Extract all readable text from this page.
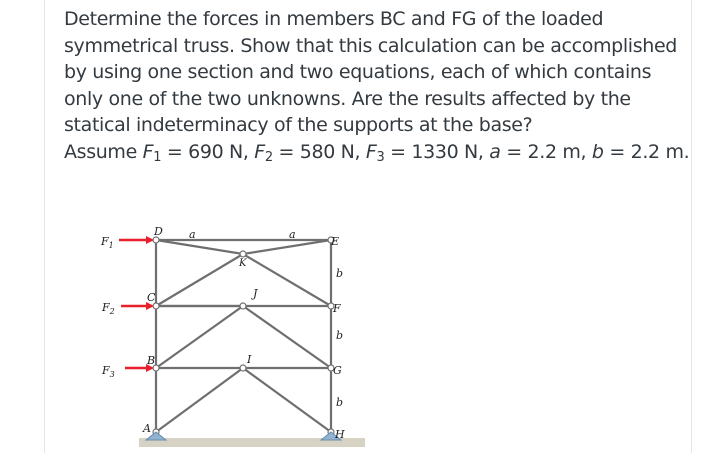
Determine the forces in members BC and FG of the loaded
symmetrical truss. Show that this calculation can be accomplished
by using one section and two equations, each of which contains
only one of the two unknowns. Are the results affected by the
statical indeterminacy of the supports at the base?
Assume $F_1 = 690$ N, $F_2 = 580$ N, $F_3 = 1330$ N, a = 2.2 m, b = 2.2 m.

$F_1$
$F_2$
$F_3$
D a	a
E
K
b
C	J
F
b
B	I
G
b
A	H
